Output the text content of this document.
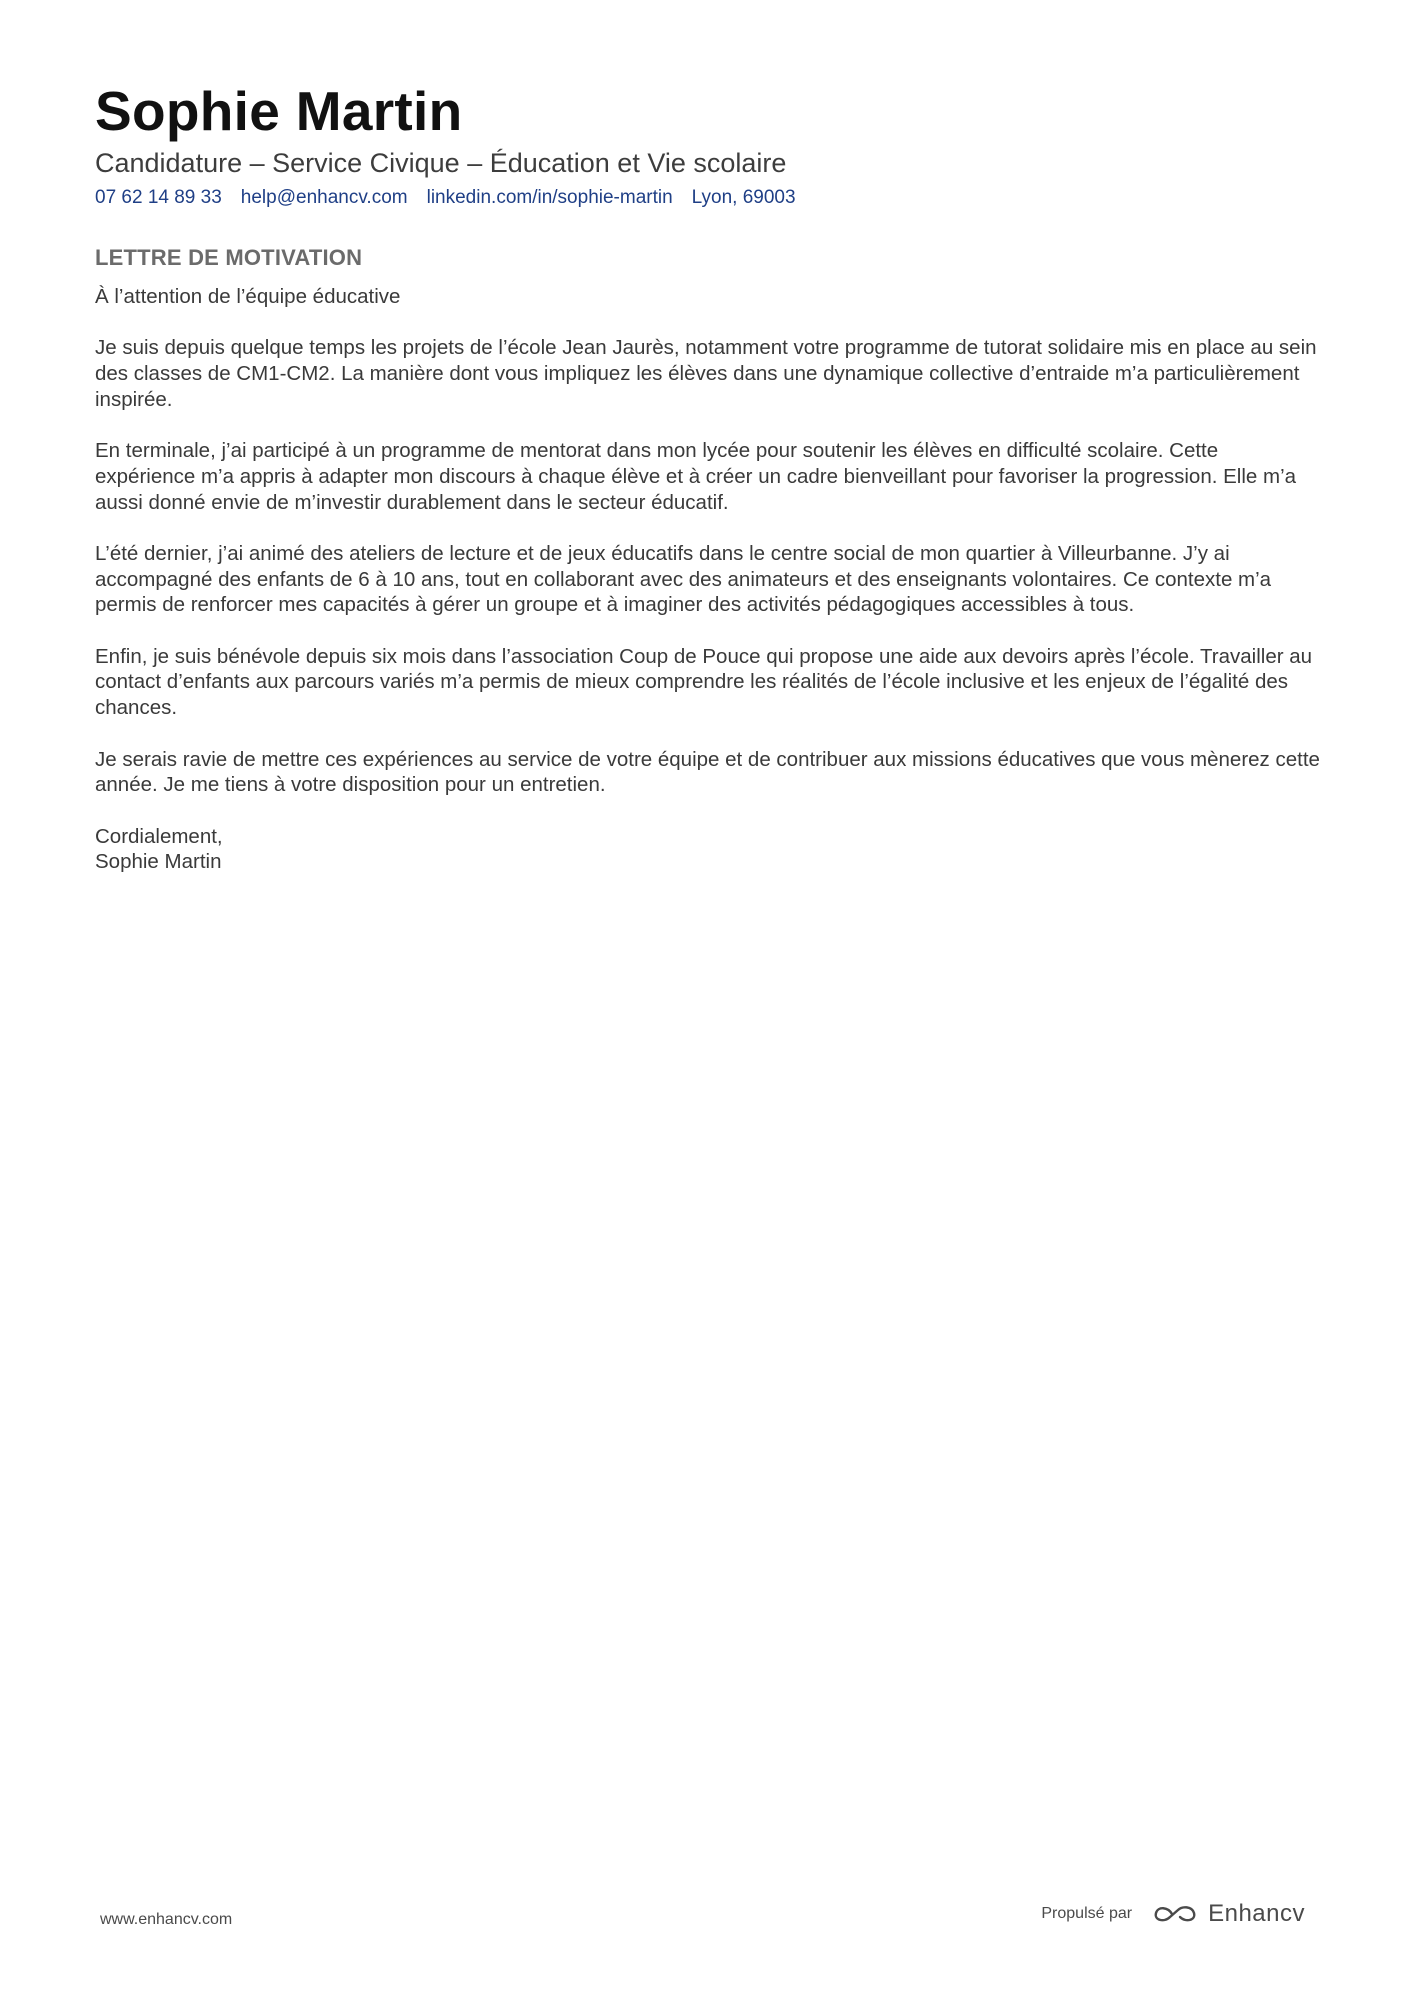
Sophie Martin
Candidature – Service Civique – Éducation et Vie scolaire
07 62 14 89 33 help@enhancv.com linkedin.com/in/sophie-martin Lyon, 69003
LETTRE DE MOTIVATION
À l’attention de l’équipe éducative
Je suis depuis quelque temps les projets de l’école Jean Jaurès, notamment votre programme de tutorat solidaire mis en place au sein des classes de CM1-CM2. La manière dont vous impliquez les élèves dans une dynamique collective d’entraide m’a particulièrement inspirée.
En terminale, j’ai participé à un programme de mentorat dans mon lycée pour soutenir les élèves en difficulté scolaire. Cette expérience m’a appris à adapter mon discours à chaque élève et à créer un cadre bienveillant pour favoriser la progression. Elle m’a aussi donné envie de m’investir durablement dans le secteur éducatif.
L’été dernier, j’ai animé des ateliers de lecture et de jeux éducatifs dans le centre social de mon quartier à Villeurbanne. J’y ai accompagné des enfants de 6 à 10 ans, tout en collaborant avec des animateurs et des enseignants volontaires. Ce contexte m’a permis de renforcer mes capacités à gérer un groupe et à imaginer des activités pédagogiques accessibles à tous.
Enfin, je suis bénévole depuis six mois dans l’association Coup de Pouce qui propose une aide aux devoirs après l’école. Travailler au contact d’enfants aux parcours variés m’a permis de mieux comprendre les réalités de l’école inclusive et les enjeux de l’égalité des chances.
Je serais ravie de mettre ces expériences au service de votre équipe et de contribuer aux missions éducatives que vous mènerez cette année. Je me tiens à votre disposition pour un entretien.
Cordialement,
Sophie Martin
www.enhancv.com	Propulsé par	Enhancv
